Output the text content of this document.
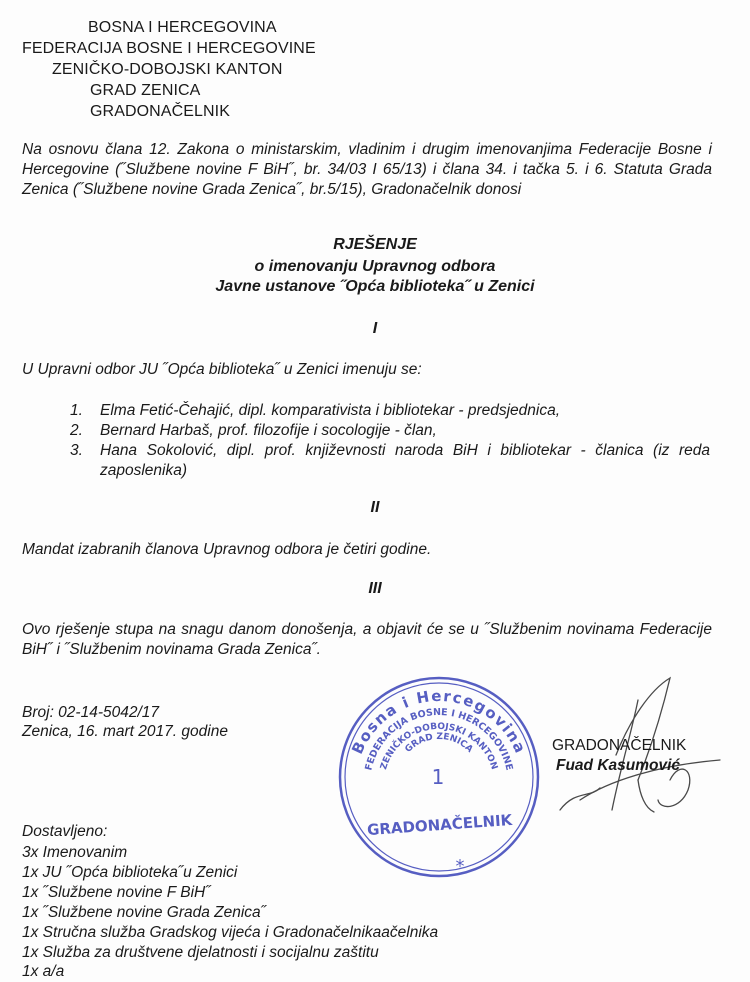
BOSNA I HERCEGOVINA
FEDERACIJA BOSNE I HERCEGOVINE
ZENIČKO-DOBOJSKI KANTON
GRAD ZENICA
GRADONAČELNIK
Na osnovu člana 12. Zakona o ministarskim, vladinim i drugim imenovanjima Federacije Bosne i Hercegovine (˝Službene novine F BiH˝, br. 34/03 I 65/13) i člana 34. i tačka 5. i 6. Statuta Grada Zenica (˝Službene novine Grada Zenica˝, br.5/15), Gradonačelnik donosi
RJEŠENJE
o imenovanju Upravnog odbora
Javne ustanove ˝Opća biblioteka˝ u Zenici
I
U Upravni odbor JU ˝Opća biblioteka˝ u Zenici imenuju se:
1.	Elma Fetić-Čehajić, dipl. komparativista i bibliotekar - predsjednica,
2.	Bernard Harbaš, prof. filozofije i socologije - član,
3.	Hana Sokolović, dipl. prof. književnosti naroda BiH i bibliotekar - članica (iz reda zaposlenika)
II
Mandat izabranih članova Upravnog odbora je četiri godine.
III
Ovo rješenje stupa na snagu danom donošenja, a objavit će se u ˝Službenim novinama Federacije BiH˝ i ˝Službenim novinama Grada Zenica˝.
Broj: 02-14-5042/17
Zenica, 16. mart 2017. godine
Bosna i Hercegovina
FEDERACIJA BOSNE I HERCEGOVINE
ZENIČKO-DOBOJSKI KANTON
GRAD ZENICA
1
GRADONAČELNIK
*
GRADONAČELNIK
Fuad Kasumović
Dostavljeno:
3x Imenovanim
1x JU ˝Opća biblioteka˝u Zenici
1x ˝Službene novine F BiH˝
1x ˝Službene novine Grada Zenica˝
1x Stručna služba Gradskog vijeća i Gradonačelnikaačelnika
1x Služba za društvene djelatnosti i socijalnu zaštitu
1x a/a
